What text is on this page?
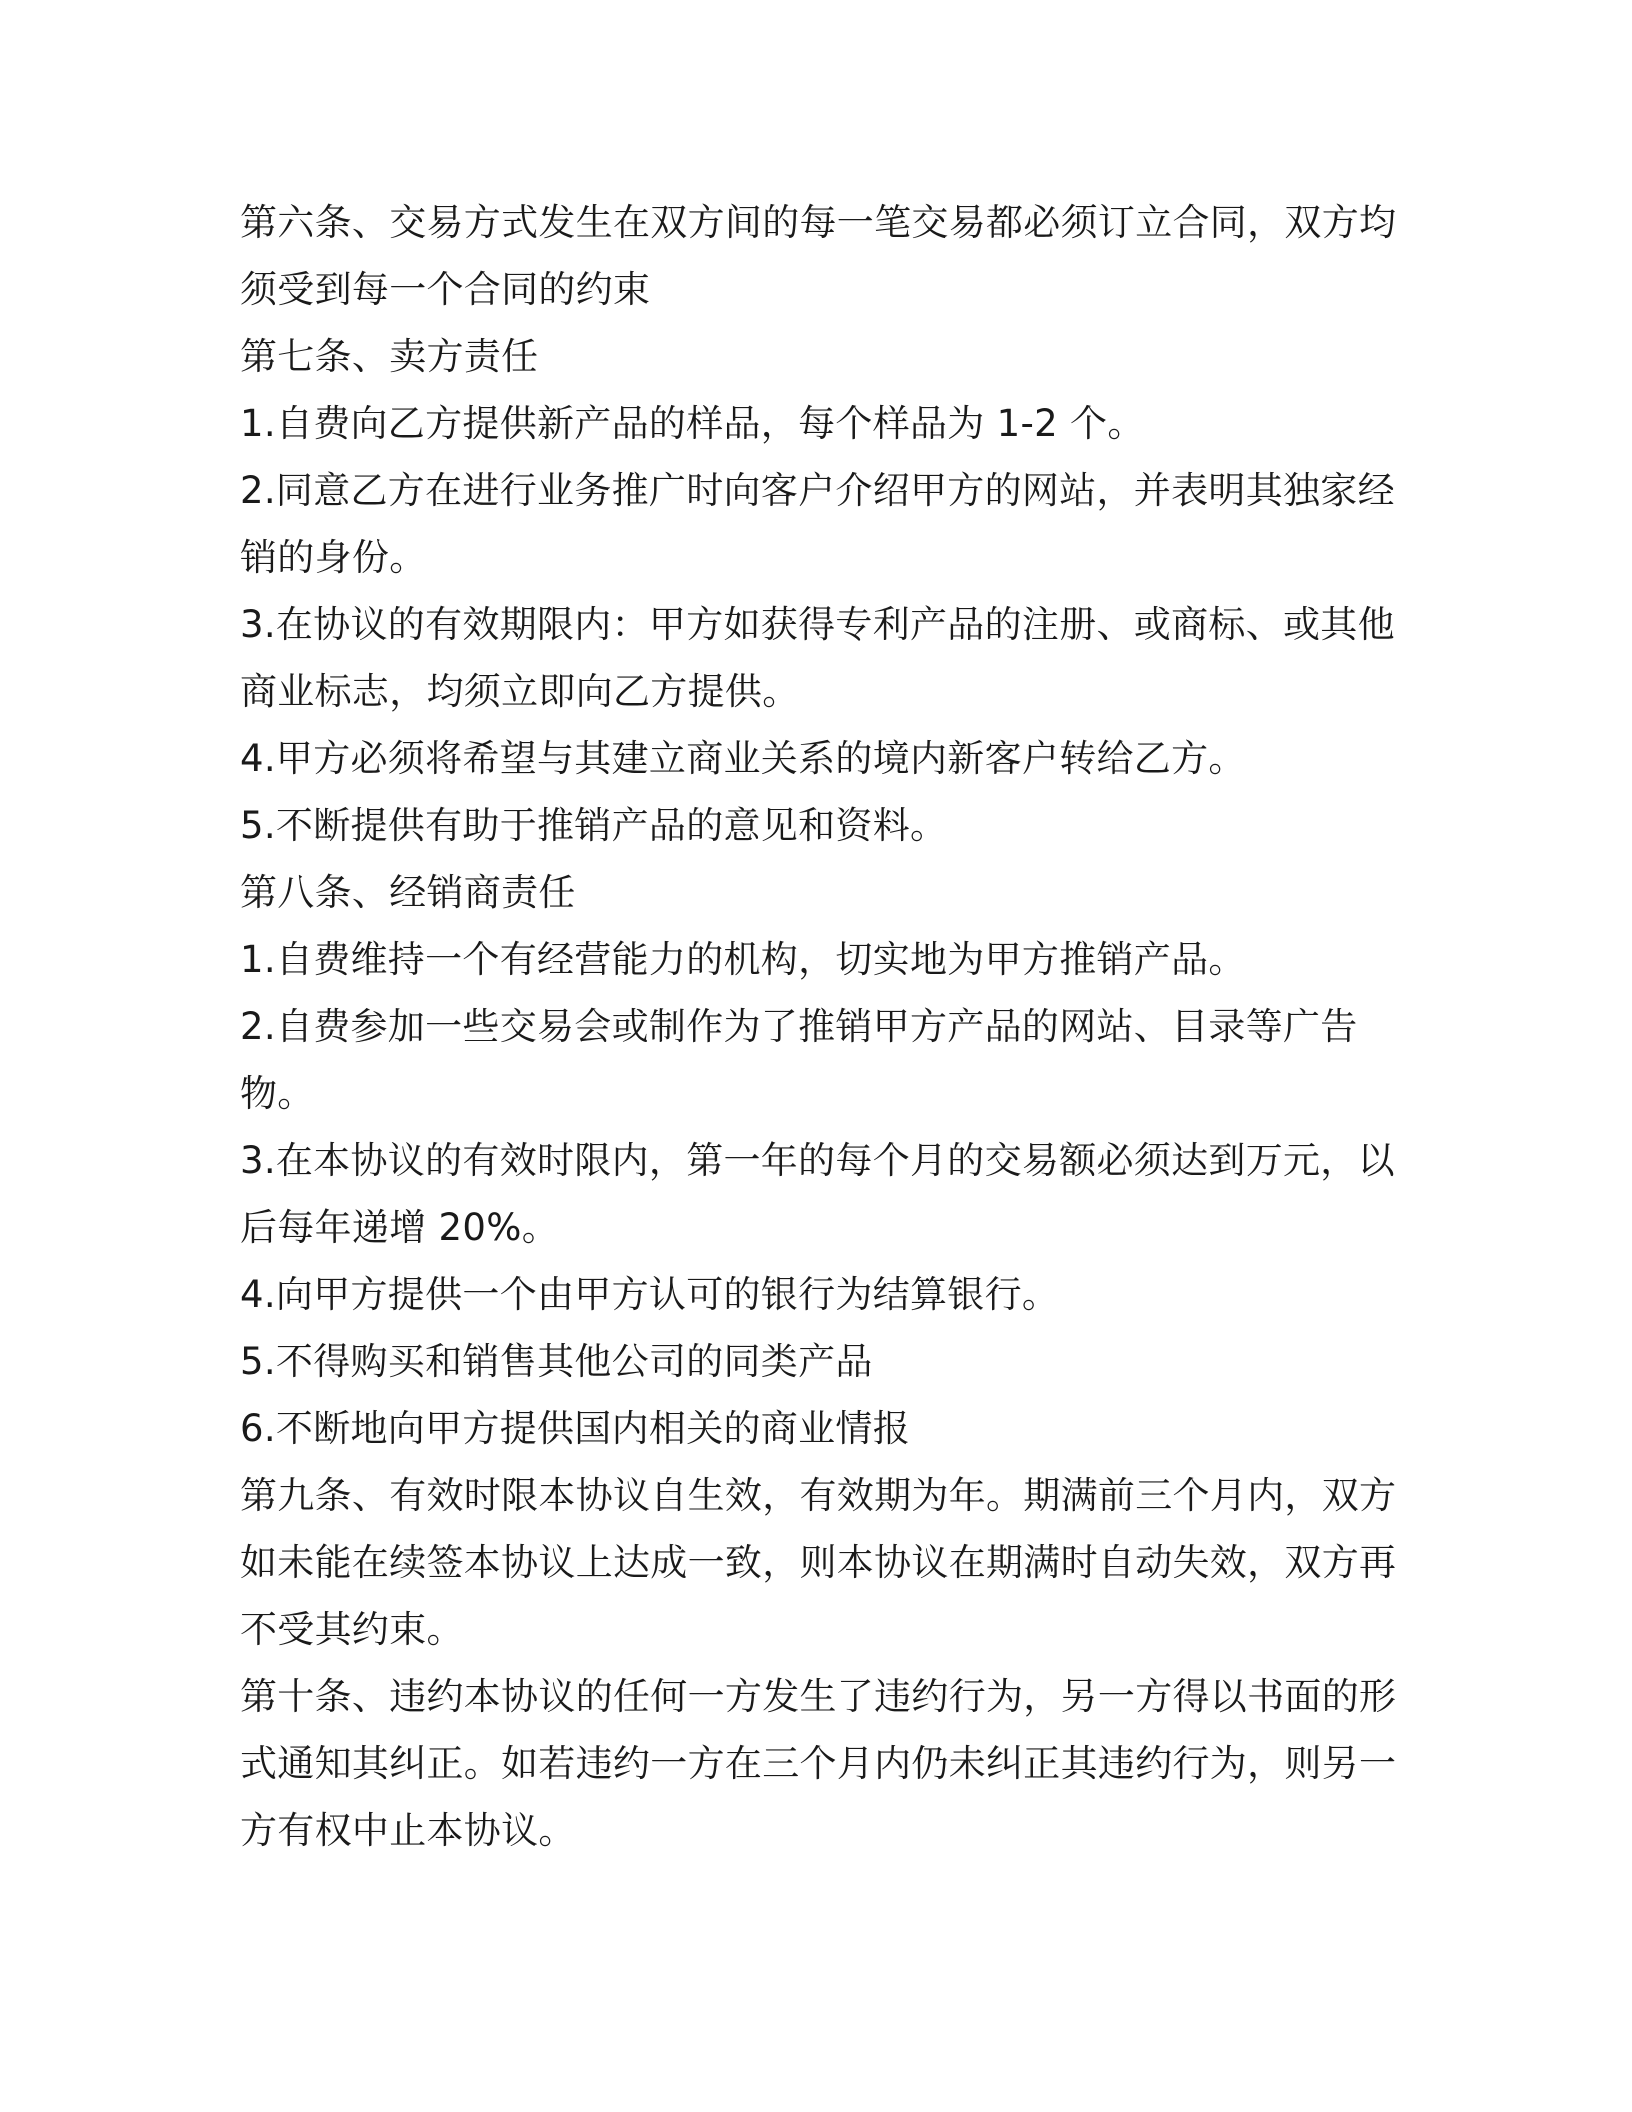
第六条、交易方式发生在双方间的每一笔交易都必须订立合同，双方均
须受到每一个合同的约束
第七条、卖方责任
1.自费向乙方提供新产品的样品，每个样品为 1-2 个。
2.同意乙方在进行业务推广时向客户介绍甲方的网站，并表明其独家经
销的身份。
3.在协议的有效期限内：甲方如获得专利产品的注册、或商标、或其他
商业标志，均须立即向乙方提供。
4.甲方必须将希望与其建立商业关系的境内新客户转给乙方。
5.不断提供有助于推销产品的意见和资料。
第八条、经销商责任
1.自费维持一个有经营能力的机构，切实地为甲方推销产品。
2.自费参加一些交易会或制作为了推销甲方产品的网站、目录等广告
物。
3.在本协议的有效时限内，第一年的每个月的交易额必须达到万元，以
后每年递增 20%。
4.向甲方提供一个由甲方认可的银行为结算银行。
5.不得购买和销售其他公司的同类产品
6.不断地向甲方提供国内相关的商业情报
第九条、有效时限本协议自生效，有效期为年。期满前三个月内，双方
如未能在续签本协议上达成一致，则本协议在期满时自动失效，双方再
不受其约束。
第十条、违约本协议的任何一方发生了违约行为，另一方得以书面的形
式通知其纠正。如若违约一方在三个月内仍未纠正其违约行为，则另一
方有权中止本协议。
